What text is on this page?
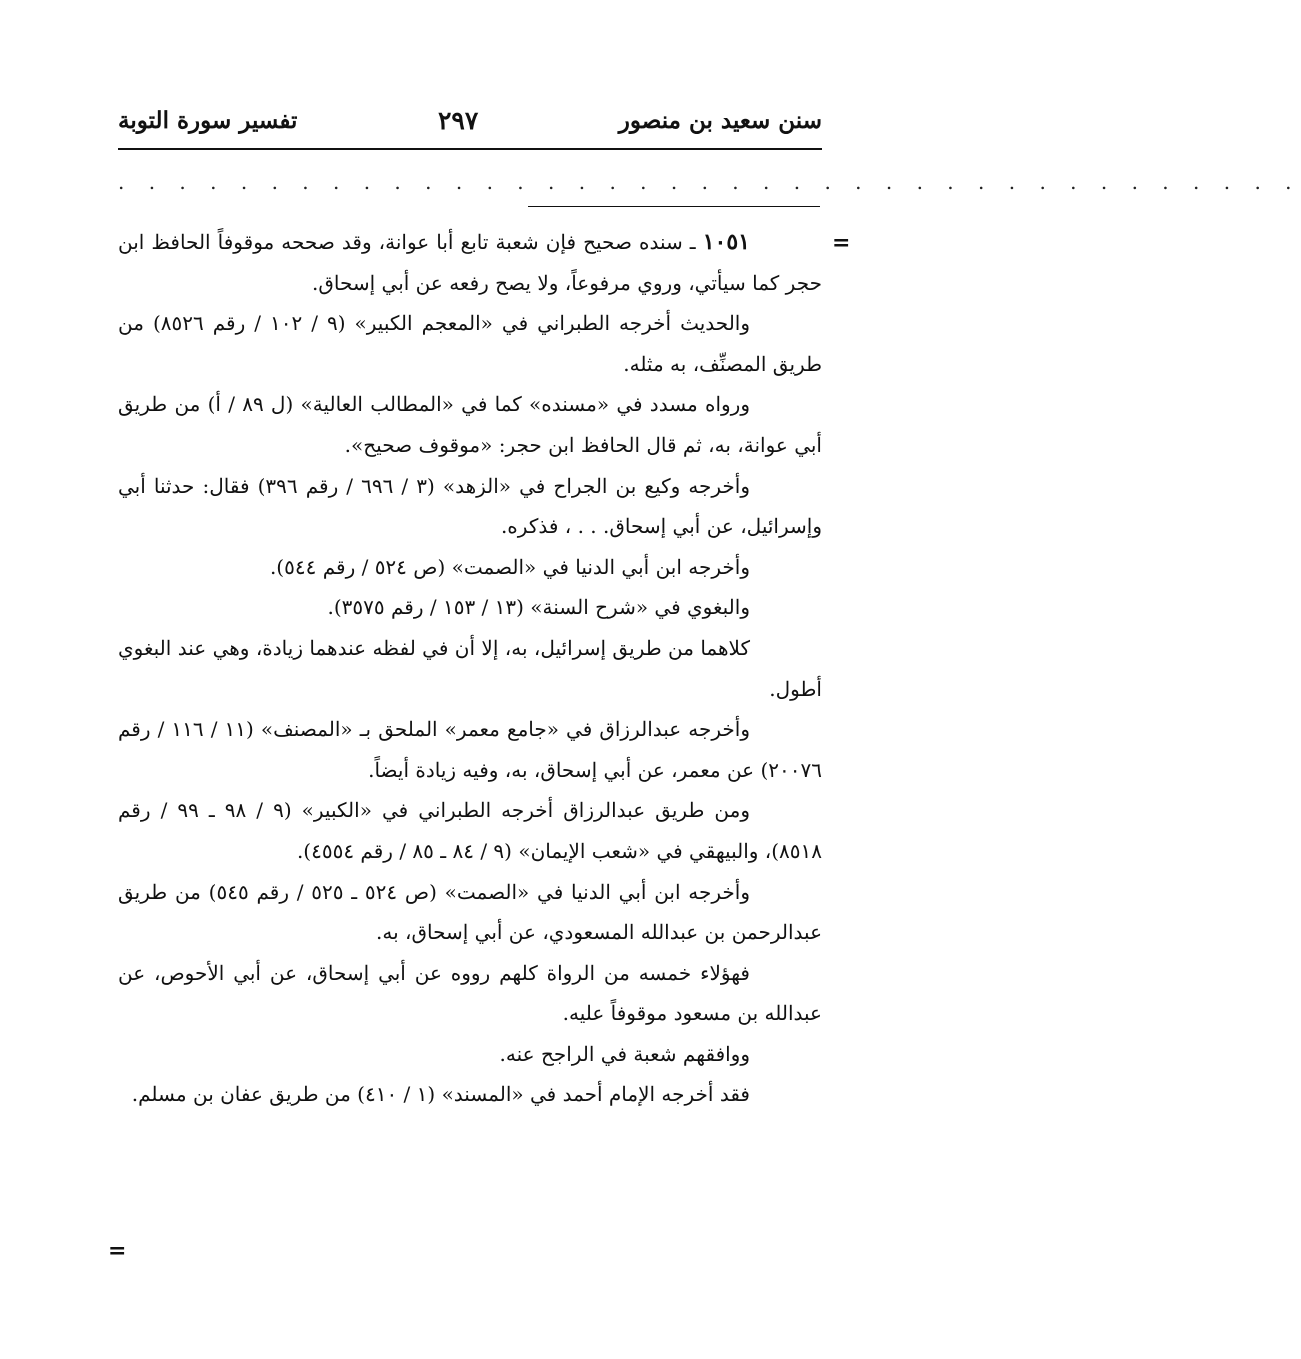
تفسير سورة التوبة	٢٩٧	سنن سعيد بن منصور
. . . . . . . . . . . . . . . . . . . . . . . . . . . . . . . . . . . . . . .
=

١٠٥١ ـ سنده صحيح فإن شعبة تابع أبا عوانة، وقد صححه موقوفاً الحافظ ابن حجر كما سيأتي، وروي مرفوعاً، ولا يصح رفعه عن أبي إسحاق.

والحديث أخرجه الطبراني في «المعجم الكبير» (٩ / ١٠٢ / رقم ٨٥٢٦) من طريق المصنِّف، به مثله.

ورواه مسدد في «مسنده» كما في «المطالب العالية» (ل ٨٩ / أ) من طريق أبي عوانة، به، ثم قال الحافظ ابن حجر: «موقوف صحيح».

وأخرجه وكيع بن الجراح في «الزهد» (٣ / ٦٩٦ / رقم ٣٩٦) فقال: حدثنا أبي وإسرائيل، عن أبي إسحاق. . . ، فذكره.

وأخرجه ابن أبي الدنيا في «الصمت» (ص ٥٢٤ / رقم ٥٤٤).

والبغوي في «شرح السنة» (١٣ / ١٥٣ / رقم ٣٥٧٥).

كلاهما من طريق إسرائيل، به، إلا أن في لفظه عندهما زيادة، وهي عند البغوي أطول.

وأخرجه عبدالرزاق في «جامع معمر» الملحق بـ «المصنف» (١١ / ١١٦ / رقم ٢٠٠٧٦) عن معمر، عن أبي إسحاق، به، وفيه زيادة أيضاً.

ومن طريق عبدالرزاق أخرجه الطبراني في «الكبير» (٩ / ٩٨ ـ ٩٩ / رقم ٨٥١٨)، والبيهقي في «شعب الإيمان» (٩ / ٨٤ ـ ٨٥ / رقم ٤٥٥٤).

وأخرجه ابن أبي الدنيا في «الصمت» (ص ٥٢٤ ـ ٥٢٥ / رقم ٥٤٥) من طريق عبدالرحمن بن عبدالله المسعودي، عن أبي إسحاق، به.

فهؤلاء خمسه من الرواة كلهم رووه عن أبي إسحاق، عن أبي الأحوص، عن عبدالله بن مسعود موقوفاً عليه.

ووافقهم شعبة في الراجح عنه.

فقد أخرجه الإمام أحمد في «المسند» (١ / ٤١٠) من طريق عفان بن مسلم.

=
